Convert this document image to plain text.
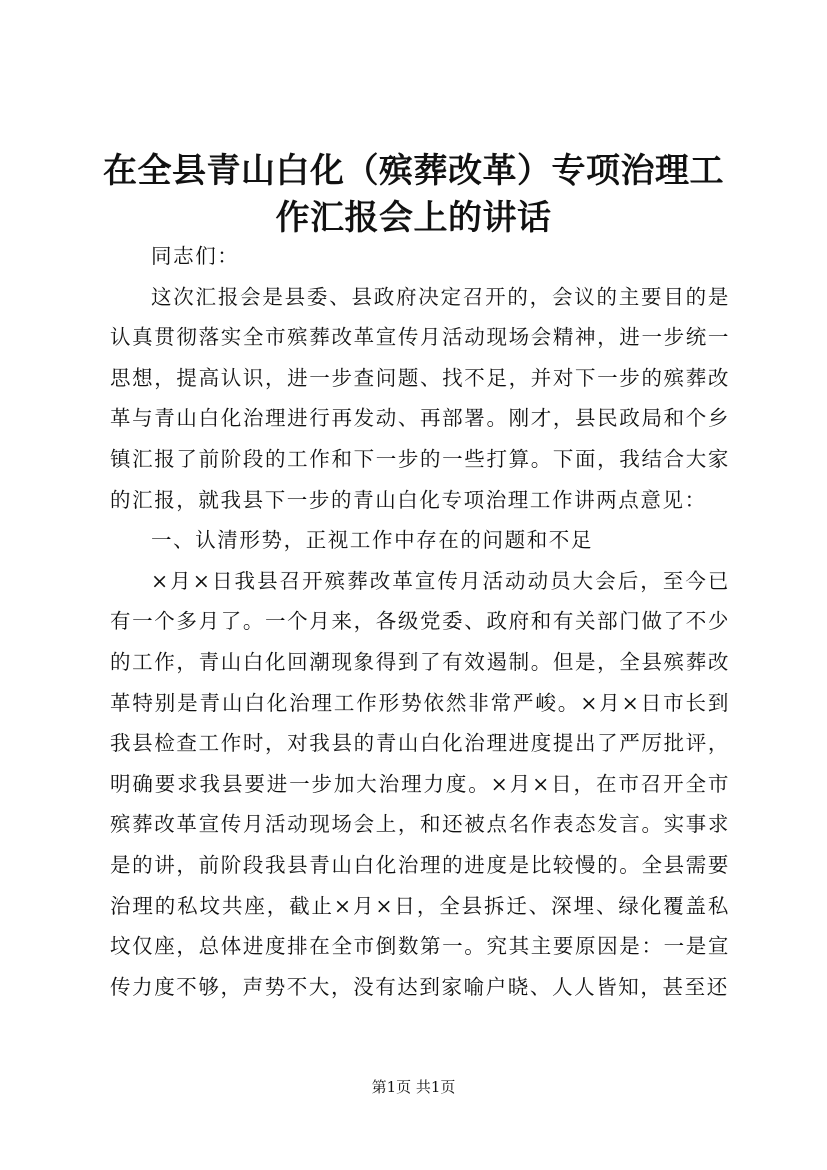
在全县青山白化（殡葬改革）专项治理工作汇报会上的讲话

同志们：

这次汇报会是县委、县政府决定召开的，会议的主要目的是认真贯彻落实全市殡葬改革宣传月活动现场会精神，进一步统一思想，提高认识，进一步查问题、找不足，并对下一步的殡葬改革与青山白化治理进行再发动、再部署。刚才，县民政局和个乡镇汇报了前阶段的工作和下一步的一些打算。下面，我结合大家的汇报，就我县下一步的青山白化专项治理工作讲两点意见：

一、认清形势，正视工作中存在的问题和不足

×月×日我县召开殡葬改革宣传月活动动员大会后，至今已有一个多月了。一个月来，各级党委、政府和有关部门做了不少的工作，青山白化回潮现象得到了有效遏制。但是，全县殡葬改革特别是青山白化治理工作形势依然非常严峻。×月×日市长到我县检查工作时，对我县的青山白化治理进度提出了严厉批评，明确要求我县要进一步加大治理力度。×月×日，在市召开全市殡葬改革宣传月活动现场会上，和还被点名作表态发言。实事求是的讲，前阶段我县青山白化治理的进度是比较慢的。全县需要治理的私坟共座，截止×月×日，全县拆迁、深埋、绿化覆盖私坟仅座，总体进度排在全市倒数第一。究其主要原因是：一是宣传力度不够，声势不大，没有达到家喻户晓、人人皆知，甚至还

第1页 共1页
